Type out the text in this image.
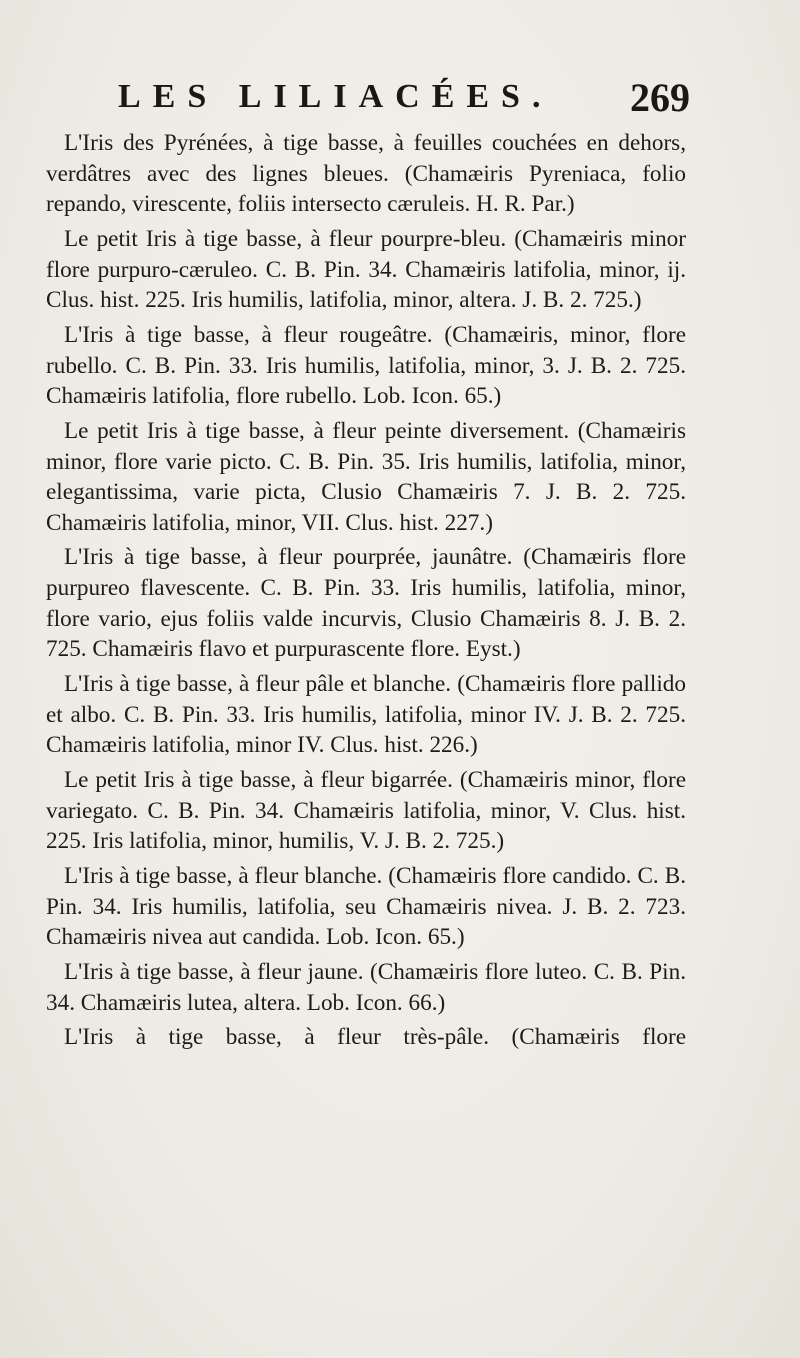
LES LILIACÉES. 269

L'Iris des Pyrénées, à tige basse, à feuilles couchées en dehors, verdâtres avec des lignes bleues. (Chamæiris Pyreniaca, folio repando, virescente, foliis intersecto cæruleis. H. R. Par.)

Le petit Iris à tige basse, à fleur pourpre-bleu. (Chamæiris minor flore purpuro-cæruleo. C. B. Pin. 34. Chamæiris latifolia, minor, ij. Clus. hist. 225. Iris humilis, latifolia, minor, altera. J. B. 2. 725.)

L'Iris à tige basse, à fleur rougeâtre. (Chamæiris, minor, flore rubello. C. B. Pin. 33. Iris humilis, latifolia, minor, 3. J. B. 2. 725. Chamæiris latifolia, flore rubello. Lob. Icon. 65.)

Le petit Iris à tige basse, à fleur peinte diversement. (Chamæiris minor, flore varie picto. C. B. Pin. 35. Iris humilis, latifolia, minor, elegantissima, varie picta, Clusio Chamæiris 7. J. B. 2. 725. Chamæiris latifolia, minor, VII. Clus. hist. 227.)

L'Iris à tige basse, à fleur pourprée, jaunâtre. (Chamæiris flore purpureo flavescente. C. B. Pin. 33. Iris humilis, latifolia, minor, flore vario, ejus foliis valde incurvis, Clusio Chamæiris 8. J. B. 2. 725. Chamæiris flavo et purpurascente flore. Eyst.)

L'Iris à tige basse, à fleur pâle et blanche. (Chamæiris flore pallido et albo. C. B. Pin. 33. Iris humilis, latifolia, minor IV. J. B. 2. 725. Chamæiris latifolia, minor IV. Clus. hist. 226.)

Le petit Iris à tige basse, à fleur bigarrée. (Chamæiris minor, flore variegato. C. B. Pin. 34. Chamæiris latifolia, minor, V. Clus. hist. 225. Iris latifolia, minor, humilis, V. J. B. 2. 725.)

L'Iris à tige basse, à fleur blanche. (Chamæiris flore candido. C. B. Pin. 34. Iris humilis, latifolia, seu Chamæiris nivea. J. B. 2. 723. Chamæiris nivea aut candida. Lob. Icon. 65.)

L'Iris à tige basse, à fleur jaune. (Chamæiris flore luteo. C. B. Pin. 34. Chamæiris lutea, altera. Lob. Icon. 66.)

L'Iris à tige basse, à fleur très-pâle. (Chamæiris flore
